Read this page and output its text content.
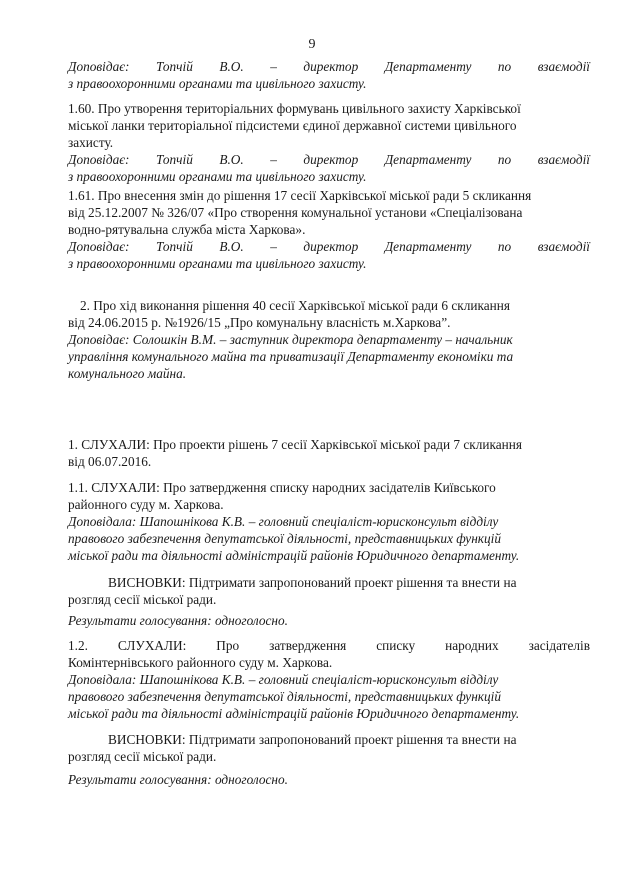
9
Доповідає: Топчій В.О. – директор Департаменту по взаємодії
з правоохоронними органами та цивільного захисту.
1.60. Про утворення територіальних формувань цивільного захисту Харківської
міської ланки територіальної підсистеми єдиної державної системи цивільного
захисту.
Доповідає: Топчій В.О. – директор Департаменту по взаємодії
з правоохоронними органами та цивільного захисту.
1.61. Про внесення змін до рішення 17 сесії Харківської міської ради 5 скликання
від 25.12.2007 № 326/07 «Про створення комунальної установи «Спеціалізована
водно-рятувальна служба міста Харкова».
Доповідає: Топчій В.О. – директор Департаменту по взаємодії
з правоохоронними органами та цивільного захисту.
2. Про хід виконання рішення 40 сесії Харківської міської ради 6 скликання
від 24.06.2015 р. №1926/15 „Про комунальну власність м.Харкова”.
Доповідає: Солошкін В.М. – заступник директора департаменту – начальник
управління комунального майна та приватизації Департаменту економіки та
комунального майна.
1. СЛУХАЛИ: Про проекти рішень 7 сесії Харківської міської ради 7 скликання
від 06.07.2016.
1.1. СЛУХАЛИ: Про затвердження списку народних засідателів Київського
районного суду м. Харкова.
Доповідала: Шапошнікова К.В. – головний спеціаліст-юрисконсульт відділу
правового забезпечення депутатської діяльності, представницьких функцій
міської ради та діяльності адміністрацій районів Юридичного департаменту.
ВИСНОВКИ: Підтримати запропонований проект рішення та внести на
розгляд сесії міської ради.
Результати голосування: одноголосно.
1.2. СЛУХАЛИ: Про затвердження списку народних засідателів
Комінтернівського районного суду м. Харкова.
Доповідала: Шапошнікова К.В. – головний спеціаліст-юрисконсульт відділу
правового забезпечення депутатської діяльності, представницьких функцій
міської ради та діяльності адміністрацій районів Юридичного департаменту.
ВИСНОВКИ: Підтримати запропонований проект рішення та внести на
розгляд сесії міської ради.
Результати голосування: одноголосно.
